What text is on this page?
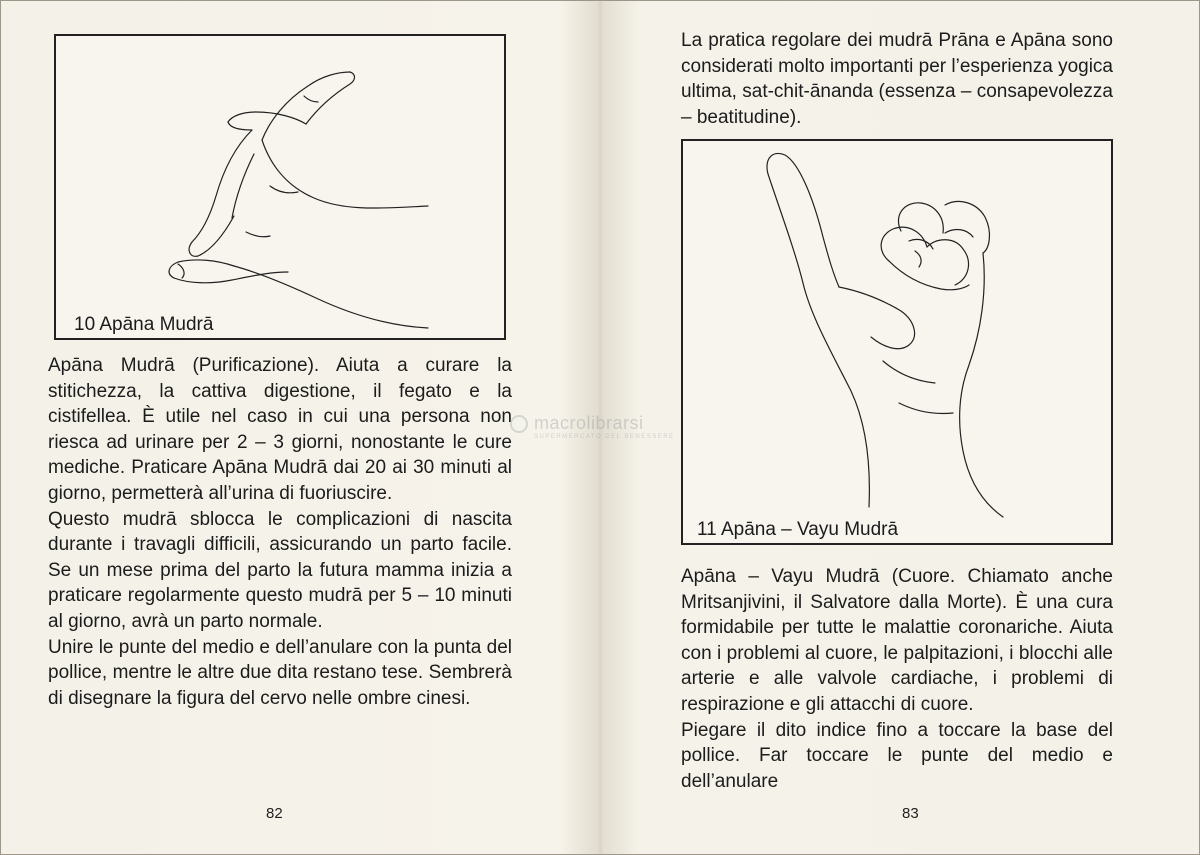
10 Apāna Mudrā

Apāna Mudrā (Purificazione). Aiuta a curare la stitichezza, la cattiva digestione, il fegato e la cistifellea. È utile nel caso in cui una persona non riesca ad urinare per 2 – 3 giorni, nonostante le cure mediche. Praticare Apāna Mudrā dai 20 ai 30 minuti al giorno, permetterà all’urina di fuoriuscire.

Questo mudrā sblocca le complicazioni di nascita durante i travagli difficili, assicurando un parto facile. Se un mese prima del parto la futura mamma inizia a praticare regolarmente questo mudrā per 5 – 10 minuti al giorno, avrà un parto normale.

Unire le punte del medio e dell’anulare con la punta del pollice, mentre le altre due dita restano tese. Sembrerà di disegnare la figura del cervo nelle ombre cinesi.

82

La pratica regolare dei mudrā Prāna e Apāna sono considerati molto importanti per l’esperienza yogica ultima, sat-chit-ānanda (essenza – consapevolezza – beatitudine).

11 Apāna – Vayu Mudrā

Apāna – Vayu Mudrā (Cuore. Chiamato anche Mritsanjivini, il Salvatore dalla Morte). È una cura formidabile per tutte le malattie coronariche. Aiuta con i problemi al cuore, le palpitazioni, i blocchi alle arterie e alle valvole cardiache, i problemi di respirazione e gli attacchi di cuore.

Piegare il dito indice fino a toccare la base del pollice. Far toccare le punte del medio e dell’anulare

83
macrolibrarsi
SUPERMERCATO DEL BENESSERE
